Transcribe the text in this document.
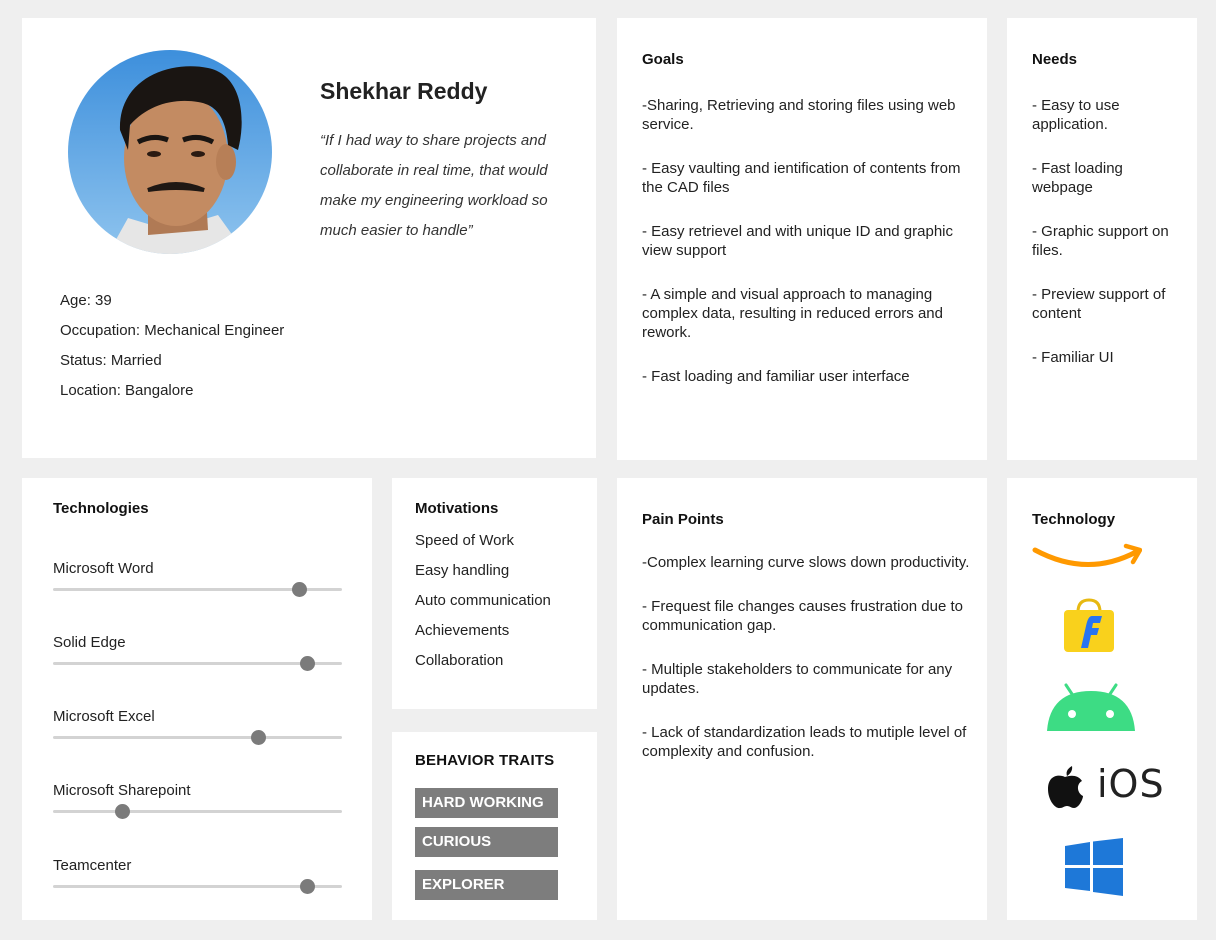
Shekhar Reddy
“If I had way to share projects and collaborate in real time, that would make my engineering workload so much easier to handle”
Age: 39
Occupation: Mechanical Engineer
Status: Married
Location: Bangalore
Goals

-Sharing, Retrieving and storing files using web service.

- Easy vaulting and ientification of contents from the CAD files

- Easy retrievel and with unique ID and graphic view support

- A simple and visual approach to managing complex data, resulting in reduced errors and rework.

- Fast loading and familiar user interface

Needs

- Easy to use application.

- Fast loading webpage

- Graphic support on files.

- Preview support of content

- Familiar UI

Technologies
Microsoft Word
Solid Edge
Microsoft Excel
Microsoft Sharepoint
Teamcenter
Motivations
Speed of Work
Easy handling
Auto communication
Achievements
Collaboration
BEHAVIOR TRAITS
HARD WORKING
CURIOUS
EXPLORER
Pain Points

-Complex learning curve slows down productivity.

- Frequest file changes causes frustration due to communication gap.

- Multiple stakeholders to communicate for any updates.

- Lack of standardization leads to mutiple level of complexity and confusion.

Technology
iOS
